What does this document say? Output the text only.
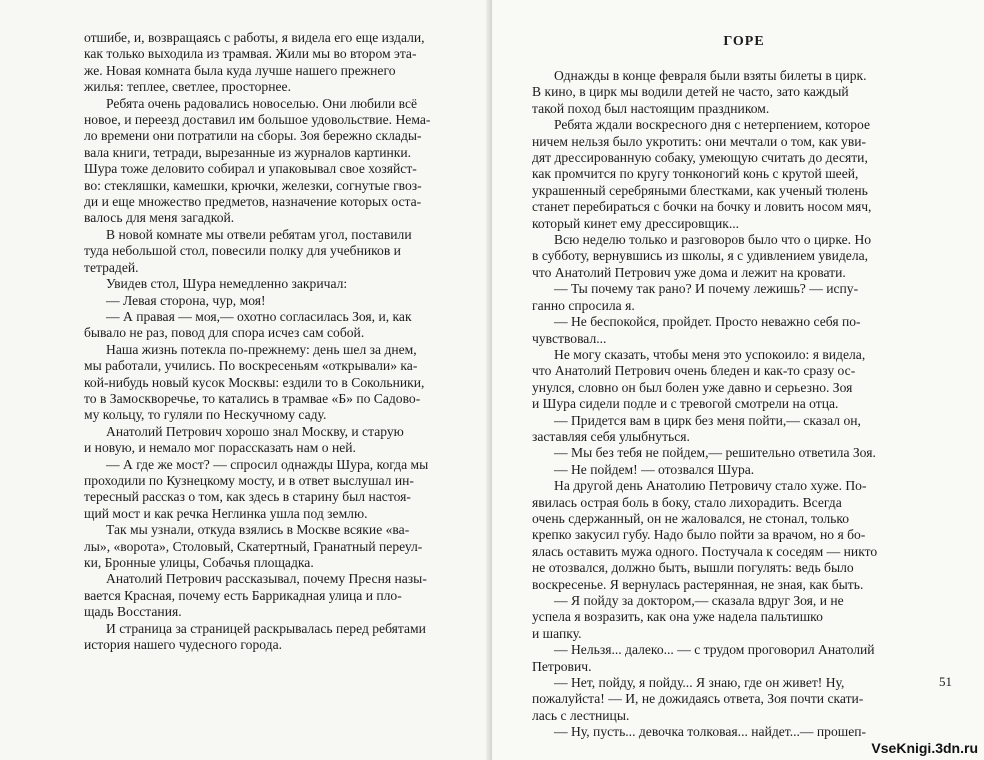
отшибе, и, возвращаясь с работы, я видела его еще издали,
как только выходила из трамвая. Жили мы во втором эта-
же. Новая комната была куда лучше нашего прежнего
жилья: теплее, светлее, просторнее.

Ребята очень радовались новоселью. Они любили всё
новое, и переезд доставил им большое удовольствие. Нема-
ло времени они потратили на сборы. Зоя бережно склады-
вала книги, тетради, вырезанные из журналов картинки.
Шура тоже деловито собирал и упаковывал свое хозяйст-
во: стекляшки, камешки, крючки, железки, согнутые гвоз-
ди и еще множество предметов, назначение которых оста-
валось для меня загадкой.

В новой комнате мы отвели ребятам угол, поставили
туда небольшой стол, повесили полку для учебников и
тетрадей.

Увидев стол, Шура немедленно закричал:

— Левая сторона, чур, моя!

— А правая — моя,— охотно согласилась Зоя, и, как
бывало не раз, повод для спора исчез сам собой.

Наша жизнь потекла по-прежнему: день шел за днем,
мы работали, учились. По воскресеньям «открывали» ка-
кой-нибудь новый кусок Москвы: ездили то в Сокольники,
то в Замоскворечье, то катались в трамвае «Б» по Садово-
му кольцу, то гуляли по Нескучному саду.

Анатолий Петрович хорошо знал Москву, и старую
и новую, и немало мог порассказать нам о ней.

— А где же мост? — спросил однажды Шура, когда мы
проходили по Кузнецкому мосту, и в ответ выслушал ин-
тересный рассказ о том, как здесь в старину был настоя-
щий мост и как речка Неглинка ушла под землю.

Так мы узнали, откуда взялись в Москве всякие «ва-
лы», «ворота», Столовый, Скатертный, Гранатный переул-
ки, Бронные улицы, Собачья площадка.

Анатолий Петрович рассказывал, почему Пресня назы-
вается Красная, почему есть Баррикадная улица и пло-
щадь Восстания.

И страница за страницей раскрывалась перед ребятами
история нашего чудесного города.

ГОРЕ

Однажды в конце февраля были взяты билеты в цирк.
В кино, в цирк мы водили детей не часто, зато каждый
такой поход был настоящим праздником.

Ребята ждали воскресного дня с нетерпением, которое
ничем нельзя было укротить: они мечтали о том, как уви-
дят дрессированную собаку, умеющую считать до десяти,
как промчится по кругу тонконогий конь с крутой шеей,
украшенный серебряными блестками, как ученый тюлень
станет перебираться с бочки на бочку и ловить носом мяч,
который кинет ему дрессировщик...

Всю неделю только и разговоров было что о цирке. Но
в субботу, вернувшись из школы, я с удивлением увидела,
что Анатолий Петрович уже дома и лежит на кровати.

— Ты почему так рано? И почему лежишь? — испу-
ганно спросила я.

— Не беспокойся, пройдет. Просто неважно себя по-
чувствовал...

Не могу сказать, чтобы меня это успокоило: я видела,
что Анатолий Петрович очень бледен и как-то сразу ос-
унулся, словно он был болен уже давно и серьезно. Зоя
и Шура сидели подле и с тревогой смотрели на отца.

— Придется вам в цирк без меня пойти,— сказал он,
заставляя себя улыбнуться.

— Мы без тебя не пойдем,— решительно ответила Зоя.

— Не пойдем! — отозвался Шура.

На другой день Анатолию Петровичу стало хуже. По-
явилась острая боль в боку, стало лихорадить. Всегда
очень сдержанный, он не жаловался, не стонал, только
крепко закусил губу. Надо было пойти за врачом, но я бо-
ялась оставить мужа одного. Постучала к соседям — никто
не отозвался, должно быть, вышли погулять: ведь было
воскресенье. Я вернулась растерянная, не зная, как быть.

— Я пойду за доктором,— сказала вдруг Зоя, и не
успела я возразить, как она уже надела пальтишко
и шапку.

— Нельзя... далеко... — с трудом проговорил Анатолий
Петрович.

— Нет, пойду, я пойду... Я знаю, где он живет! Ну,
пожалуйста! — И, не дожидаясь ответа, Зоя почти скати-
лась с лестницы.

— Ну, пусть... девочка толковая... найдет...— прошеп-

51
VseKnigi.3dn.ru
